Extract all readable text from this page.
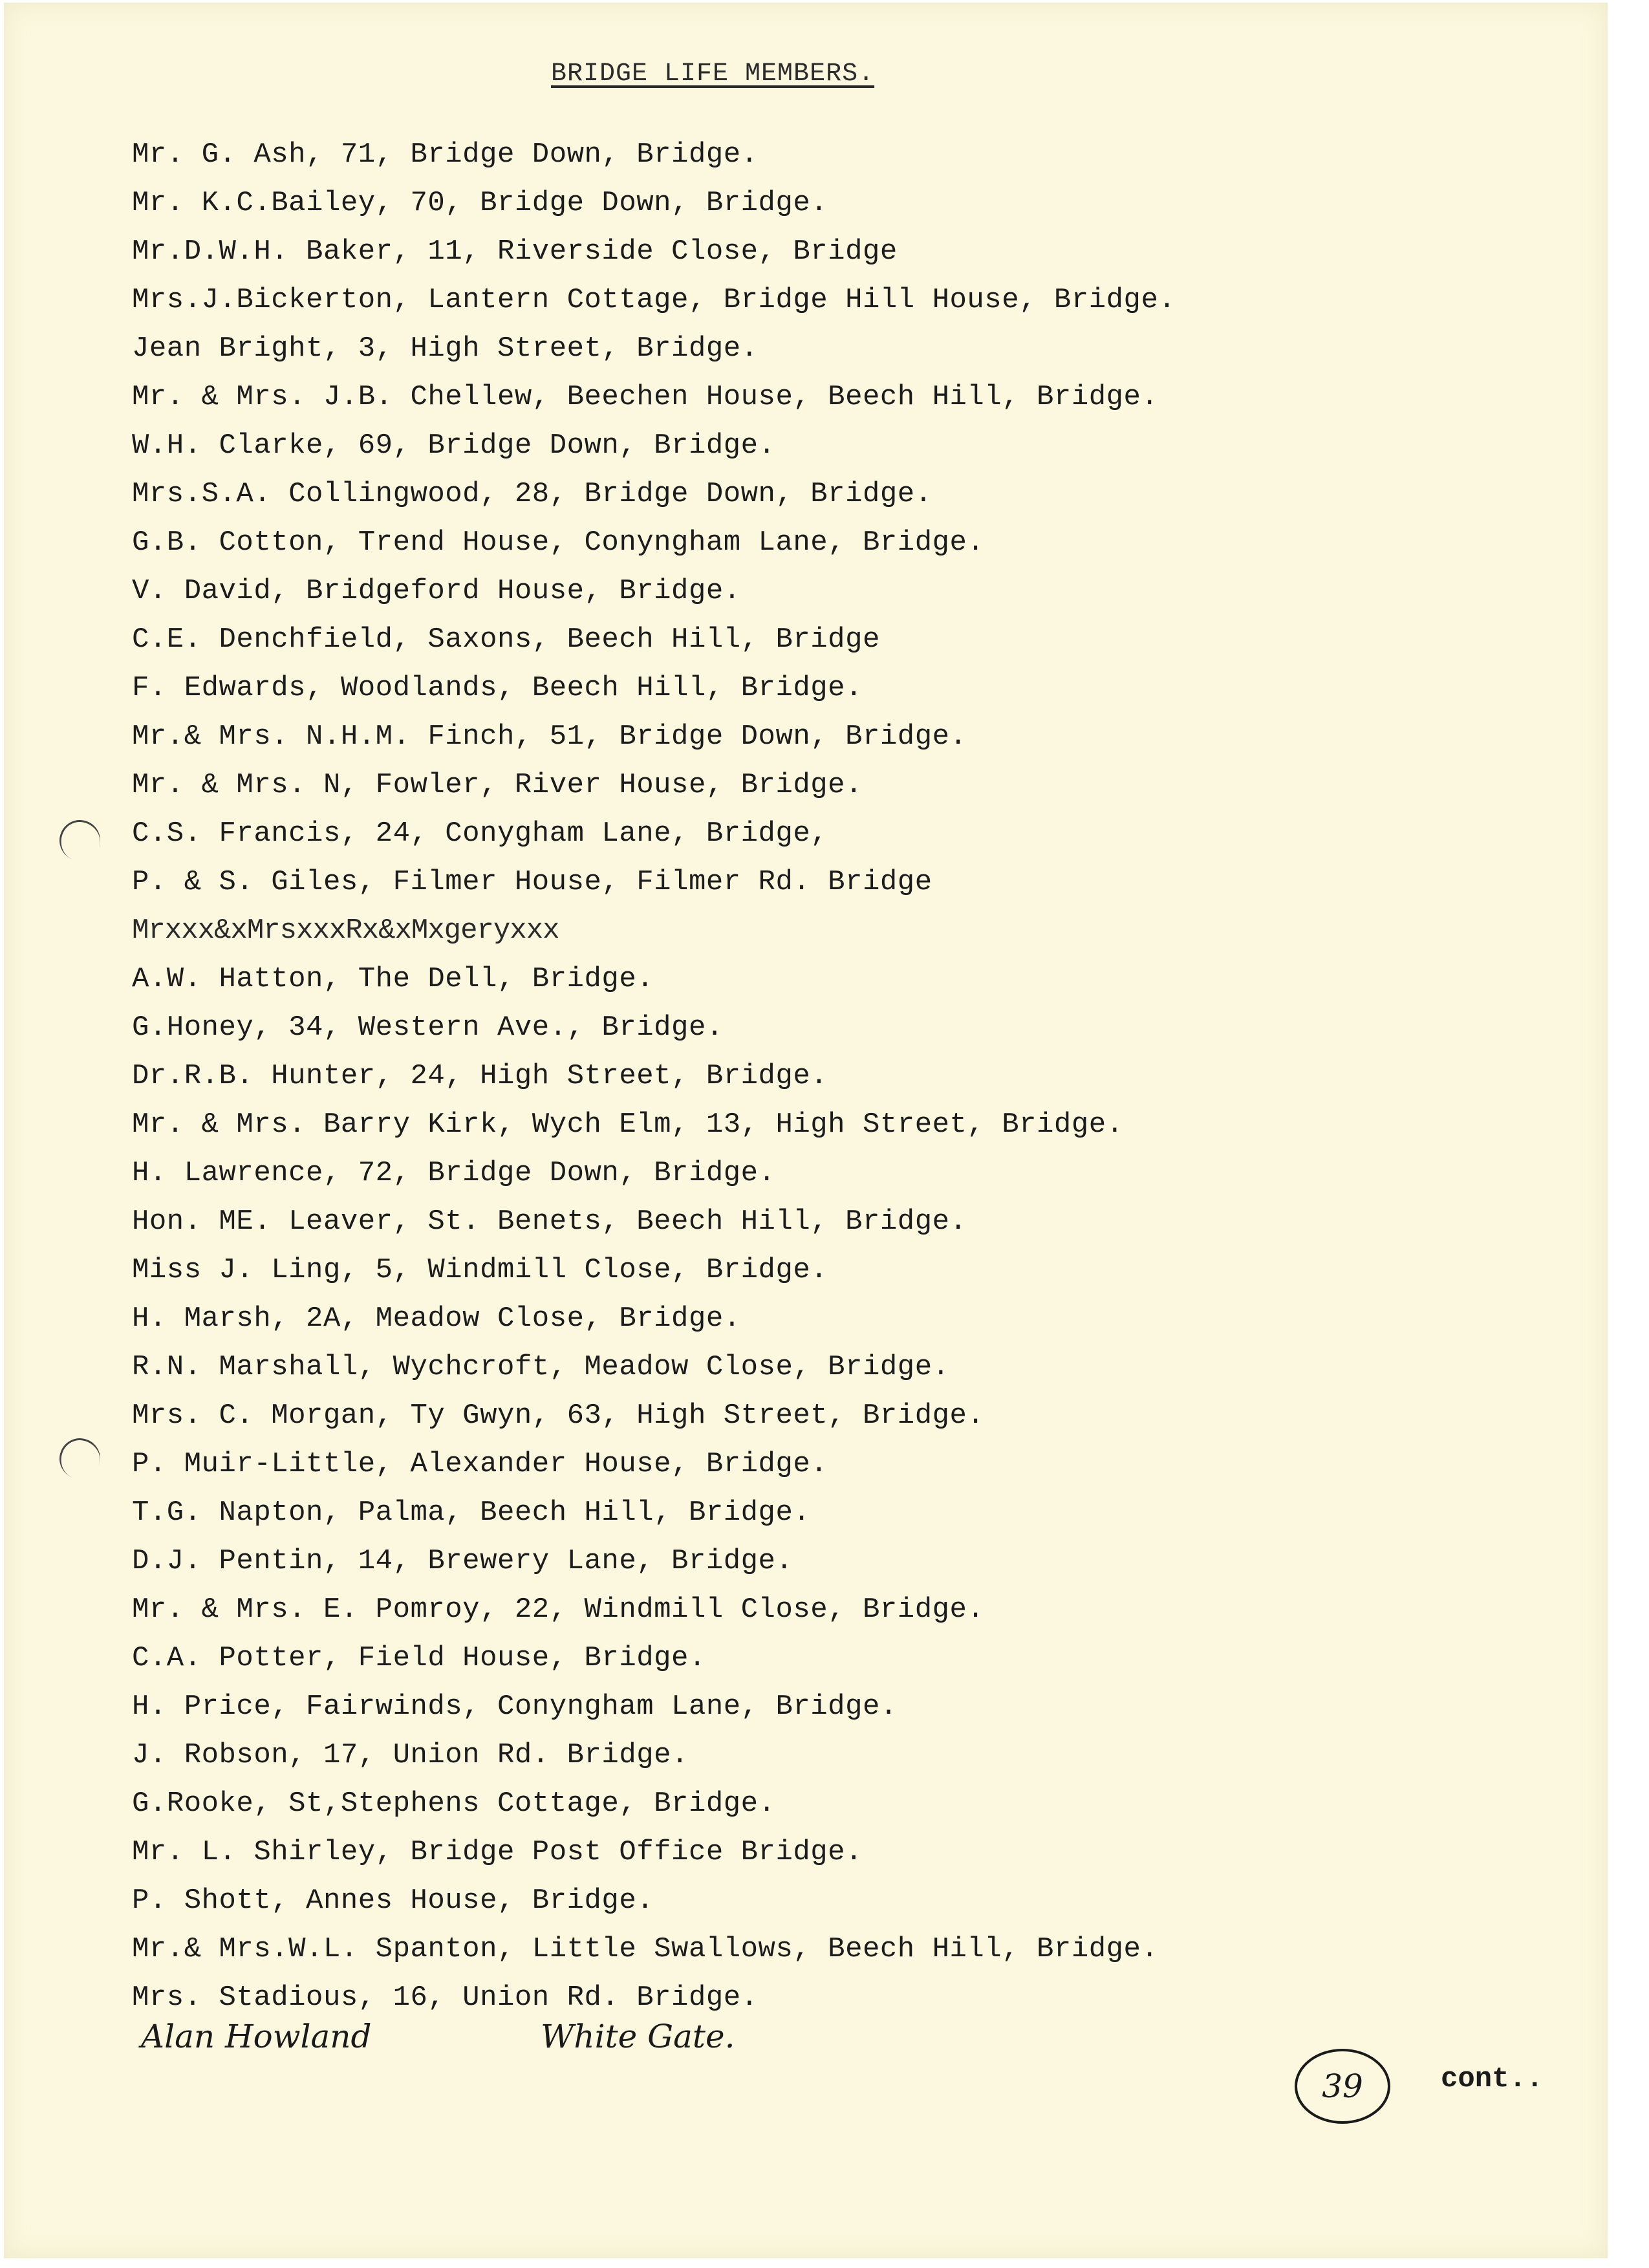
BRIDGE LIFE MEMBERS.
Mr. G. Ash, 71, Bridge Down, Bridge.
Mr. K.C.Bailey, 70, Bridge Down, Bridge.
Mr.D.W.H. Baker, 11, Riverside Close, Bridge
Mrs.J.Bickerton, Lantern Cottage, Bridge Hill House, Bridge.
Jean Bright, 3, High Street, Bridge.
Mr. & Mrs. J.B. Chellew, Beechen House, Beech Hill, Bridge.
W.H. Clarke, 69, Bridge Down, Bridge.
Mrs.S.A. Collingwood, 28, Bridge Down, Bridge.
G.B. Cotton, Trend House, Conyngham Lane, Bridge.
V. David, Bridgeford House, Bridge.
C.E. Denchfield, Saxons, Beech Hill, Bridge
F. Edwards, Woodlands, Beech Hill, Bridge.
Mr.& Mrs. N.H.M. Finch, 51, Bridge Down, Bridge.
Mr. & Mrs. N, Fowler, River House, Bridge.
C.S. Francis, 24, Conygham Lane, Bridge,
P. & S. Giles, Filmer House, Filmer Rd. Bridge
Mrxxx&xMrsxxxRx&xMxgeryxxx
A.W. Hatton, The Dell, Bridge.
G.Honey, 34, Western Ave., Bridge.
Dr.R.B. Hunter, 24, High Street, Bridge.
Mr. & Mrs. Barry Kirk, Wych Elm, 13, High Street, Bridge.
H. Lawrence, 72, Bridge Down, Bridge.
Hon. ME. Leaver, St. Benets, Beech Hill, Bridge.
Miss J. Ling, 5, Windmill Close, Bridge.
H. Marsh, 2A, Meadow Close, Bridge.
R.N. Marshall, Wychcroft, Meadow Close, Bridge.
Mrs. C. Morgan, Ty Gwyn, 63, High Street, Bridge.
P. Muir-Little, Alexander House, Bridge.
T.G. Napton, Palma, Beech Hill, Bridge.
D.J. Pentin, 14, Brewery Lane, Bridge.
Mr. & Mrs. E. Pomroy, 22, Windmill Close, Bridge.
C.A. Potter, Field House, Bridge.
H. Price, Fairwinds, Conyngham Lane, Bridge.
J. Robson, 17, Union Rd. Bridge.
G.Rooke, St,Stephens Cottage, Bridge.
Mr. L. Shirley, Bridge Post Office Bridge.
P. Shott, Annes House, Bridge.
Mr.& Mrs.W.L. Spanton, Little Swallows, Beech Hill, Bridge.
Mrs. Stadious, 16, Union Rd. Bridge.
Alan Howland	White Gate.
39	cont..
